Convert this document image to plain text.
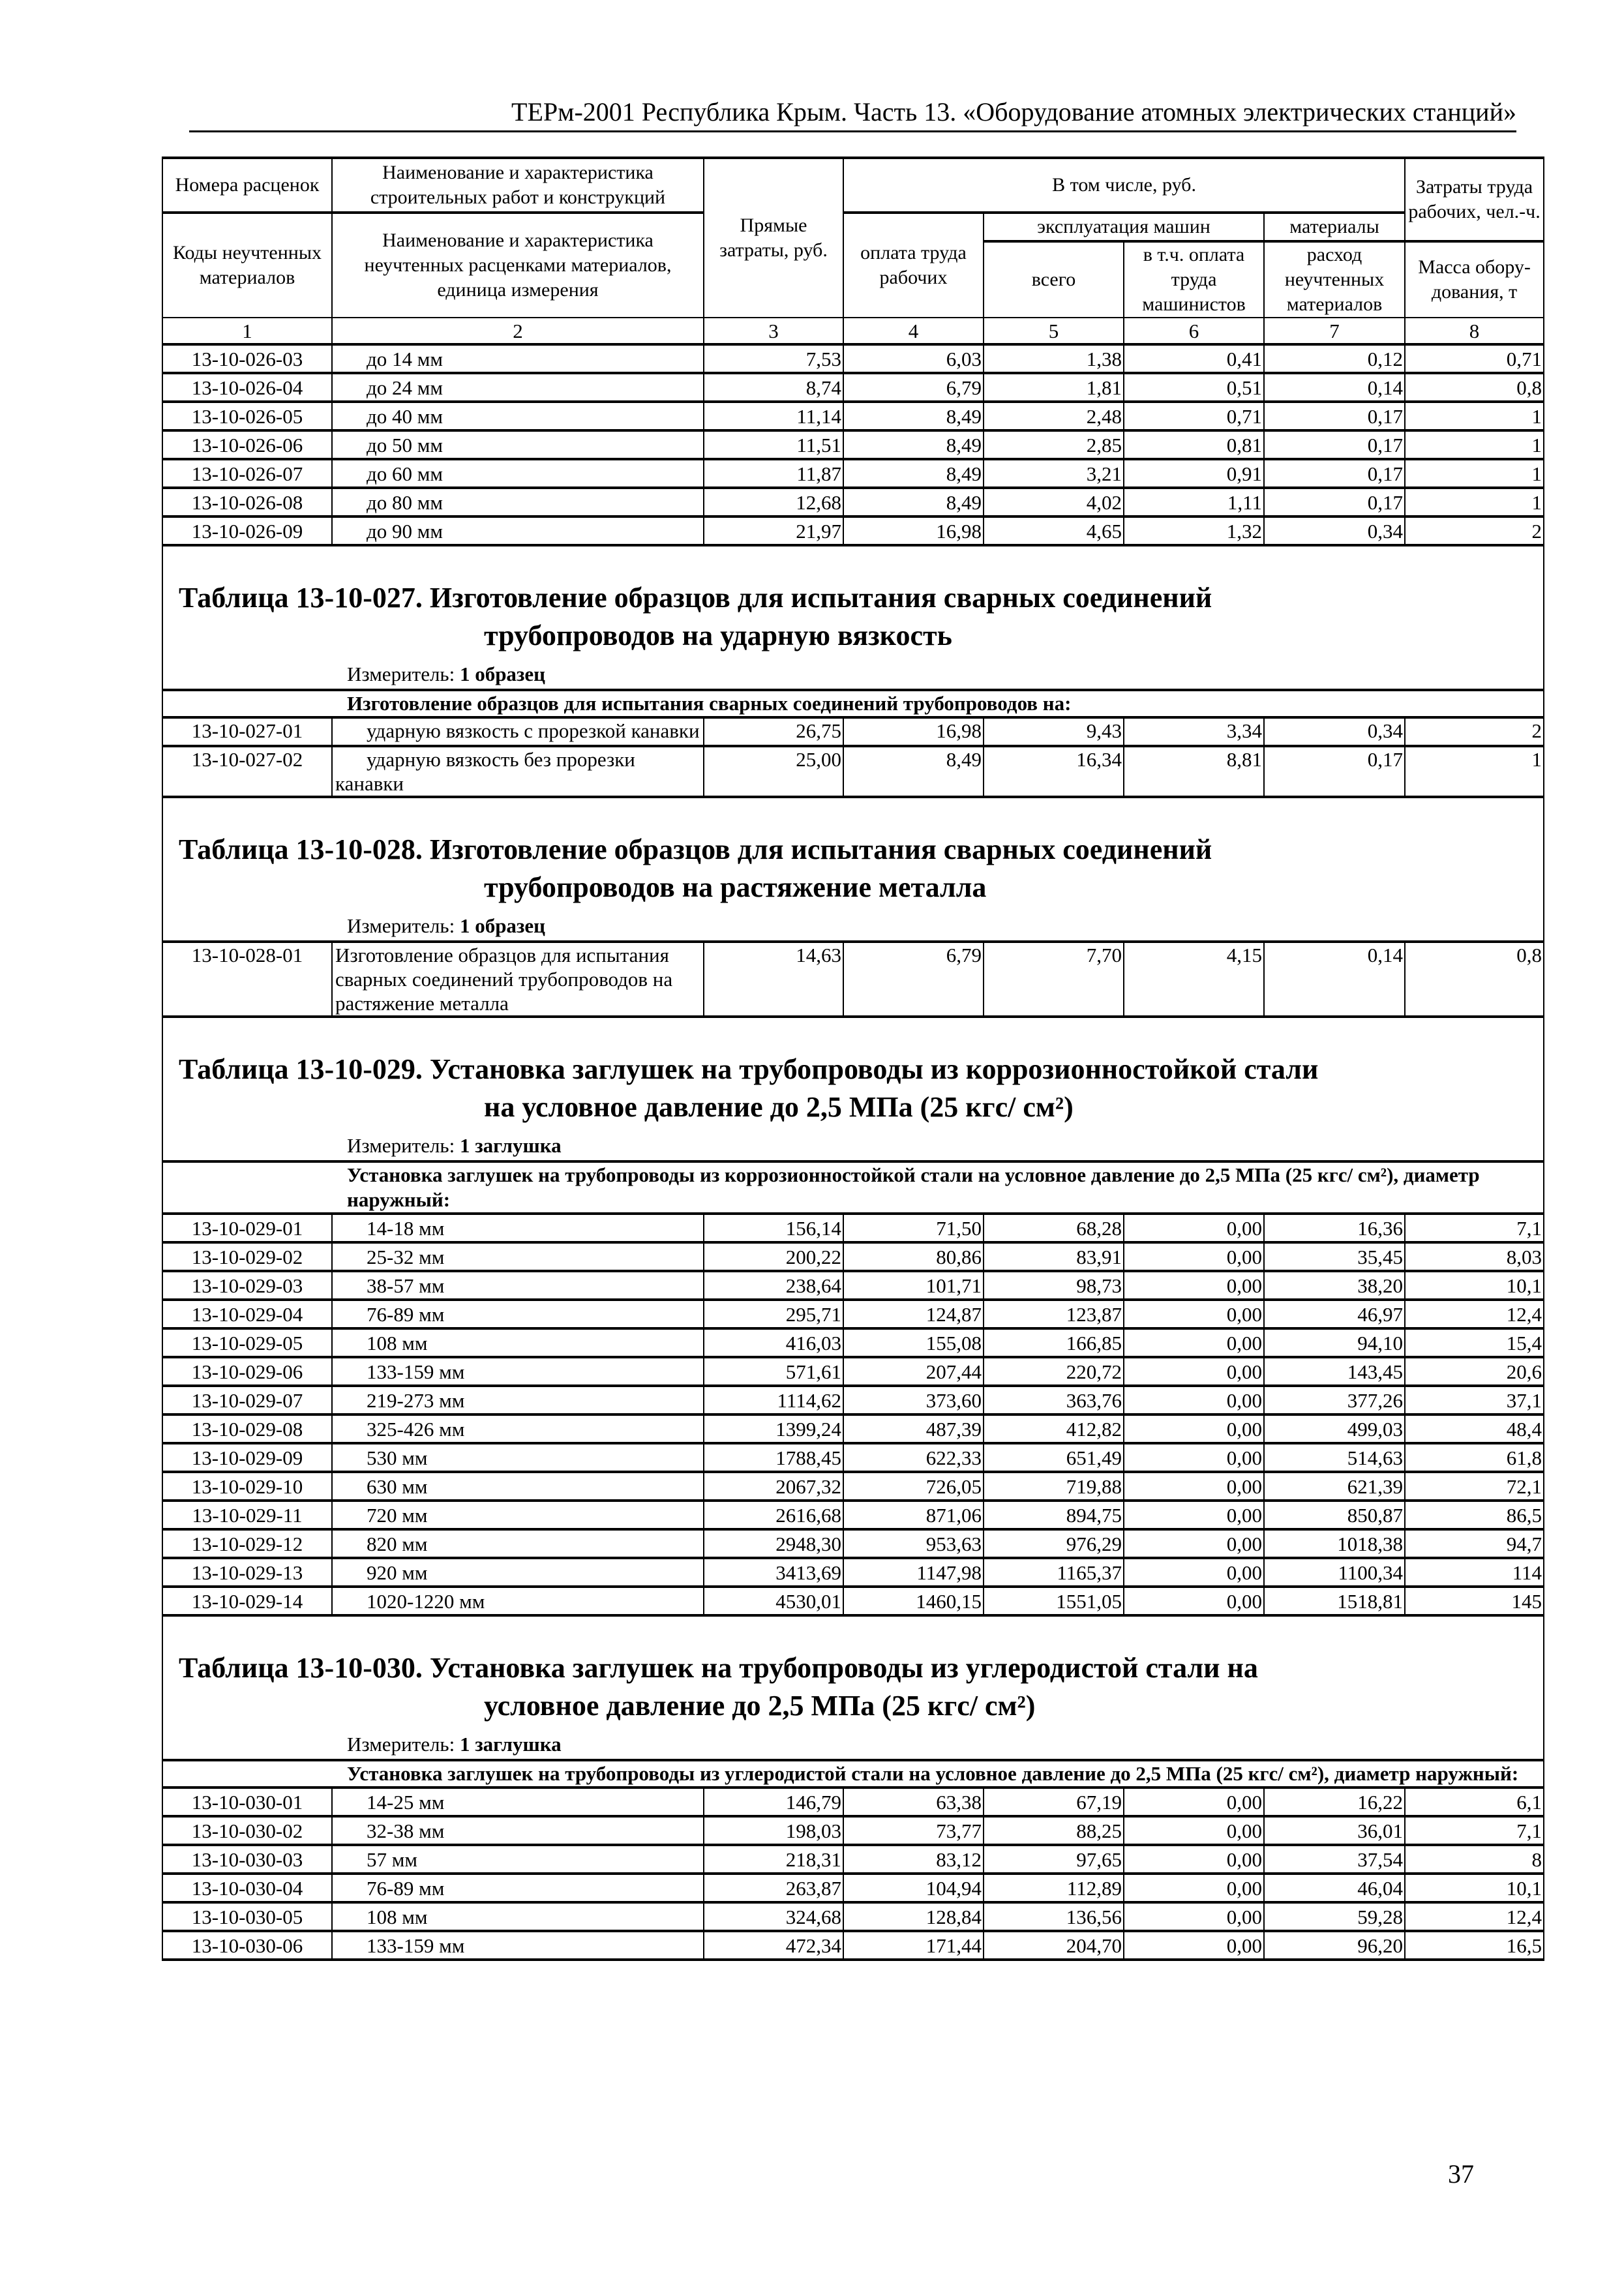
ТЕРм-2001 Республика Крым. Часть 13. «Оборудование атомных электрических станций»
Номера расценок	Наименование и характеристика строительных работ и конструкций	Прямые затраты, руб.	В том числе, руб.				Затраты труда рабочих, чел.-ч.
Коды неучтенных материалов	Наименование и характеристика неучтенных расценками материалов, единица измерения		оплата труда рабочих	эксплуатация машин		материалы	
				всего	в т.ч. оплата труда машинистов	расход неучтенных материалов	
							Масса обору-дования, т
1	2	3	4	5	6	7	8
13-10-026-03	до 14 мм	7,53	6,03	1,38	0,41	0,12	0,71
13-10-026-04	до 24 мм	8,74	6,79	1,81	0,51	0,14	0,8
13-10-026-05	до 40 мм	11,14	8,49	2,48	0,71	0,17	1
13-10-026-06	до 50 мм	11,51	8,49	2,85	0,81	0,17	1
13-10-026-07	до 60 мм	11,87	8,49	3,21	0,91	0,17	1
13-10-026-08	до 80 мм	12,68	8,49	4,02	1,11	0,17	1
13-10-026-09	до 90 мм	21,97	16,98	4,65	1,32	0,34	2

Таблица 13-10-027. Изготовление образцов для испытания сварных соединений
трубопроводов на ударную вязкость
Измеритель: 1 образец							

Изготовление образцов для испытания сварных соединений трубопроводов на:							
13-10-027-01	ударную вязкость с прорезкой канавки	26,75	16,98	9,43	3,34	0,34	2
13-10-027-02	ударную вязкость без прорезки канавки	25,00	8,49	16,34	8,81	0,17	1

Таблица 13-10-028. Изготовление образцов для испытания сварных соединений
трубопроводов на растяжение металла
Измеритель: 1 образец							

13-10-028-01	Изготовление образцов для испытания сварных соединений трубопроводов на растяжение металла	14,63	6,79	7,70	4,15	0,14	0,8

Таблица 13-10-029. Установка заглушек на трубопроводы из коррозионностойкой стали
на условное давление до 2,5 МПа (25 кгс/ см²)
Измеритель: 1 заглушка							

Установка заглушек на трубопроводы из коррозионностойкой стали на условное давление до 2,5 МПа (25 кгс/ см²), диаметр наружный:							
13-10-029-01	14-18 мм	156,14	71,50	68,28	0,00	16,36	7,1
13-10-029-02	25-32 мм	200,22	80,86	83,91	0,00	35,45	8,03
13-10-029-03	38-57 мм	238,64	101,71	98,73	0,00	38,20	10,1
13-10-029-04	76-89 мм	295,71	124,87	123,87	0,00	46,97	12,4
13-10-029-05	108 мм	416,03	155,08	166,85	0,00	94,10	15,4
13-10-029-06	133-159 мм	571,61	207,44	220,72	0,00	143,45	20,6
13-10-029-07	219-273 мм	1114,62	373,60	363,76	0,00	377,26	37,1
13-10-029-08	325-426 мм	1399,24	487,39	412,82	0,00	499,03	48,4
13-10-029-09	530 мм	1788,45	622,33	651,49	0,00	514,63	61,8
13-10-029-10	630 мм	2067,32	726,05	719,88	0,00	621,39	72,1
13-10-029-11	720 мм	2616,68	871,06	894,75	0,00	850,87	86,5
13-10-029-12	820 мм	2948,30	953,63	976,29	0,00	1018,38	94,7
13-10-029-13	920 мм	3413,69	1147,98	1165,37	0,00	1100,34	114
13-10-029-14	1020-1220 мм	4530,01	1460,15	1551,05	0,00	1518,81	145

Таблица 13-10-030. Установка заглушек на трубопроводы из углеродистой стали на
условное давление до 2,5 МПа (25 кгс/ см²)
Измеритель: 1 заглушка							

Установка заглушек на трубопроводы из углеродистой стали на условное давление до 2,5 МПа (25 кгс/ см²), диаметр наружный:							
13-10-030-01	14-25 мм	146,79	63,38	67,19	0,00	16,22	6,1
13-10-030-02	32-38 мм	198,03	73,77	88,25	0,00	36,01	7,1
13-10-030-03	57 мм	218,31	83,12	97,65	0,00	37,54	8
13-10-030-04	76-89 мм	263,87	104,94	112,89	0,00	46,04	10,1
13-10-030-05	108 мм	324,68	128,84	136,56	0,00	59,28	12,4
13-10-030-06	133-159 мм	472,34	171,44	204,70	0,00	96,20	16,5
37
